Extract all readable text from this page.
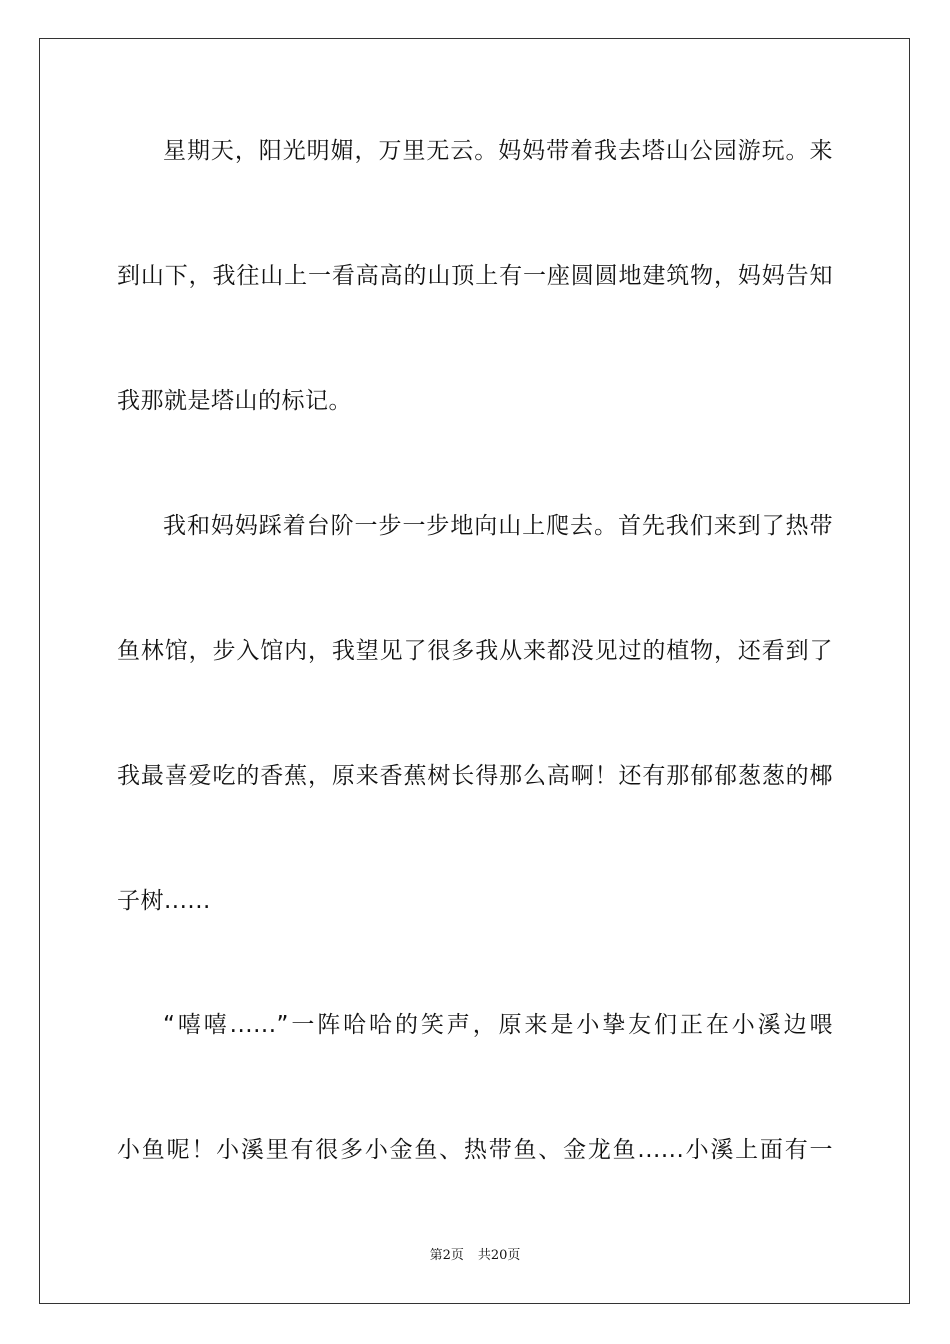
星期天，阳光明媚，万里无云。妈妈带着我去塔山公园游玩。来
到山下，我往山上一看高高的山顶上有一座圆圆地建筑物，妈妈告知
我那就是塔山的标记。
我和妈妈踩着台阶一步一步地向山上爬去。首先我们来到了热带
鱼林馆，步入馆内，我望见了很多我从来都没见过的植物，还看到了
我最喜爱吃的香蕉，原来香蕉树长得那么高啊！还有那郁郁葱葱的椰
子树......
“嘻嘻......”一阵哈哈的笑声，原来是小挚友们正在小溪边喂
小鱼呢！小溪里有很多小金鱼、热带鱼、金龙鱼......小溪上面有一
第2页 共20页
